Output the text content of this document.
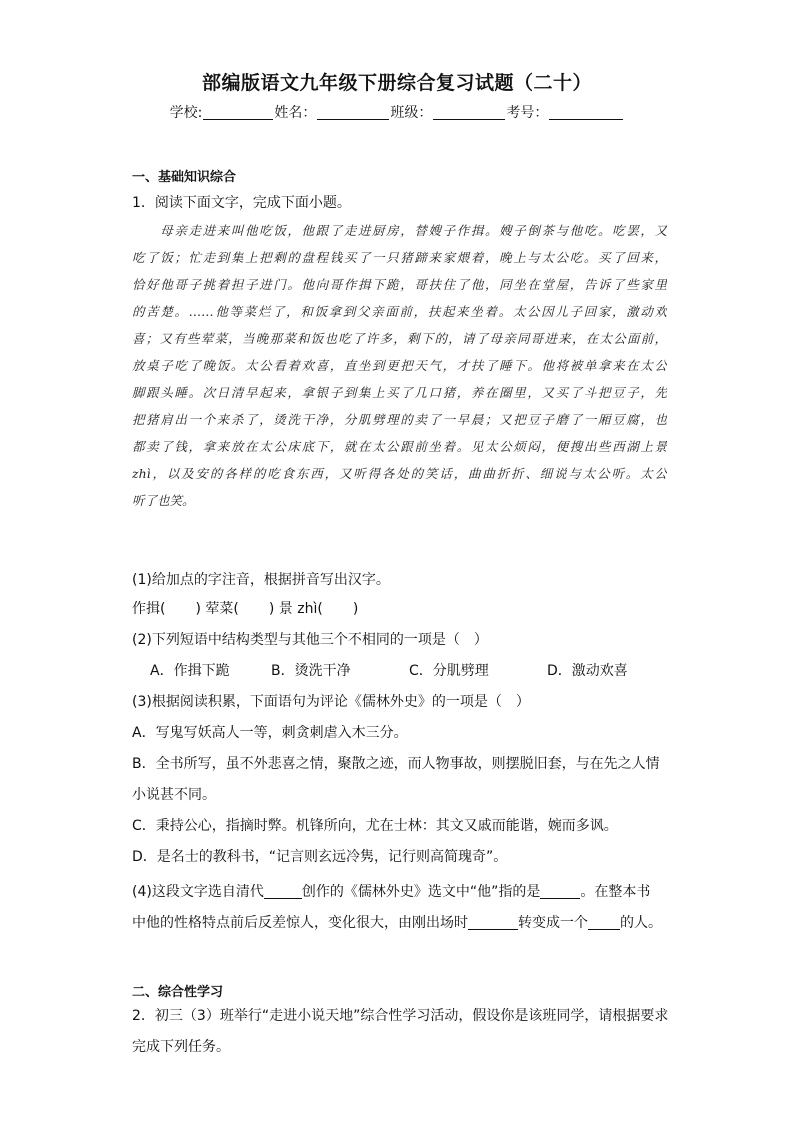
部编版语文九年级下册综合复习试题（二十）
学校:	姓名：	班级：	考号：
一、基础知识综合
1．阅读下面文字，完成下面小题。
　　母亲走进来叫他吃饭，他跟了走进厨房，替嫂子作揖。嫂子倒茶与他吃。吃罢，又
吃了饭；忙走到集上把剩的盘程钱买了一只猪蹄来家煨着，晚上与太公吃。买了回来，
恰好他哥子挑着担子进门。他向哥作揖下跪，哥扶住了他，同坐在堂屋，告诉了些家里
的苦楚。……他等菜烂了，和饭拿到父亲面前，扶起来坐着。太公因儿子回家，激动欢
喜；又有些荤菜，当晚那菜和饭也吃了许多，剩下的，请了母亲同哥进来，在太公面前，
放桌子吃了晚饭。太公看着欢喜，直坐到更把天气，才扶了睡下。他将被单拿来在太公
脚跟头睡。次日清早起来，拿银子到集上买了几口猪，养在圈里，又买了斗把豆子，先
把猪肩出一个来杀了，烫洗干净，分肌劈理的卖了一早晨；又把豆子磨了一厢豆腐，也
都卖了钱，拿来放在太公床底下，就在太公跟前坐着。见太公烦闷，便搜出些西湖上景
zhì，以及安的各样的吃食东西，又听得各处的笑话，曲曲折折、细说与太公听。太公
听了也笑。
(1)给加点的字注音，根据拼音写出汉字。
作揖( ) 荤菜( ) 景 zhì( )
(2)下列短语中结构类型与其他三个不相同的一项是（　）
A．作揖下跪	B．烫洗干净	C．分肌劈理	D．激动欢喜
(3)根据阅读积累，下面语句为评论《儒林外史》的一项是（　）
A．写鬼写妖高人一等，刺贪刺虐入木三分。
B．全书所写，虽不外悲喜之情，聚散之迹，而人物事故，则摆脱旧套，与在先之人情
小说甚不同。
C．秉持公心，指摘时弊。机锋所向，尤在士林：其文又戚而能谐，婉而多讽。
D．是名士的教科书，“记言则玄远冷隽，记行则高简瑰奇”。
(4)这段文字选自清代	创作的《儒林外史》选文中“他”指的是	。在整本书
中他的性格特点前后反差惊人，变化很大，由刚出场时	转变成一个 的人。
二、综合性学习
2．初三（3）班举行“走进小说天地”综合性学习活动，假设你是该班同学，请根据要求
完成下列任务。
